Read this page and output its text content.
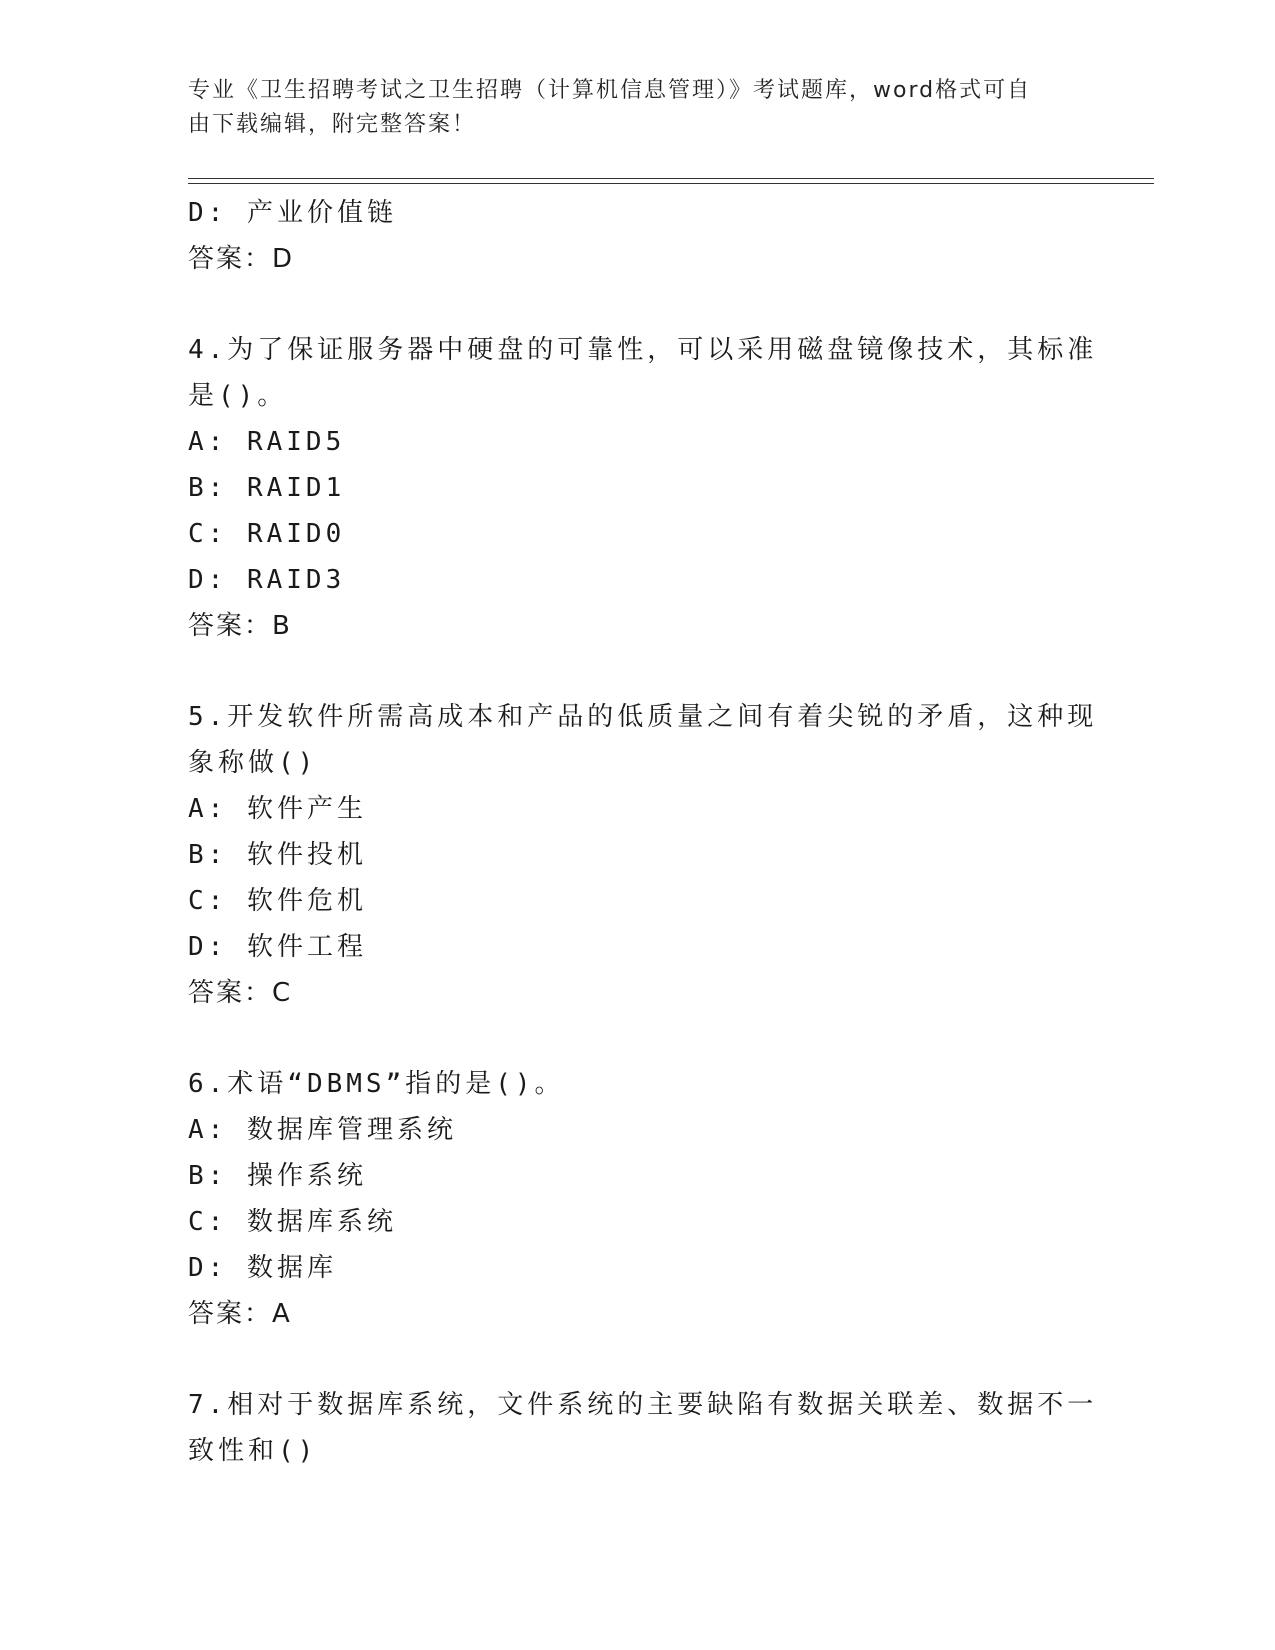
专业《卫生招聘考试之卫生招聘（计算机信息管理）》考试题库，word格式可自
由下载编辑，附完整答案！
D: 产业价值链
答案：D
4.为了保证服务器中硬盘的可靠性，可以采用磁盘镜像技术，其标准
是()。
A: RAID5
B: RAID1
C: RAID0
D: RAID3
答案：B
5.开发软件所需高成本和产品的低质量之间有着尖锐的矛盾，这种现
象称做()
A: 软件产生
B: 软件投机
C: 软件危机
D: 软件工程
答案：C
6.术语“DBMS”指的是()。
A: 数据库管理系统
B: 操作系统
C: 数据库系统
D: 数据库
答案：A
7.相对于数据库系统，文件系统的主要缺陷有数据关联差、数据不一
致性和()
